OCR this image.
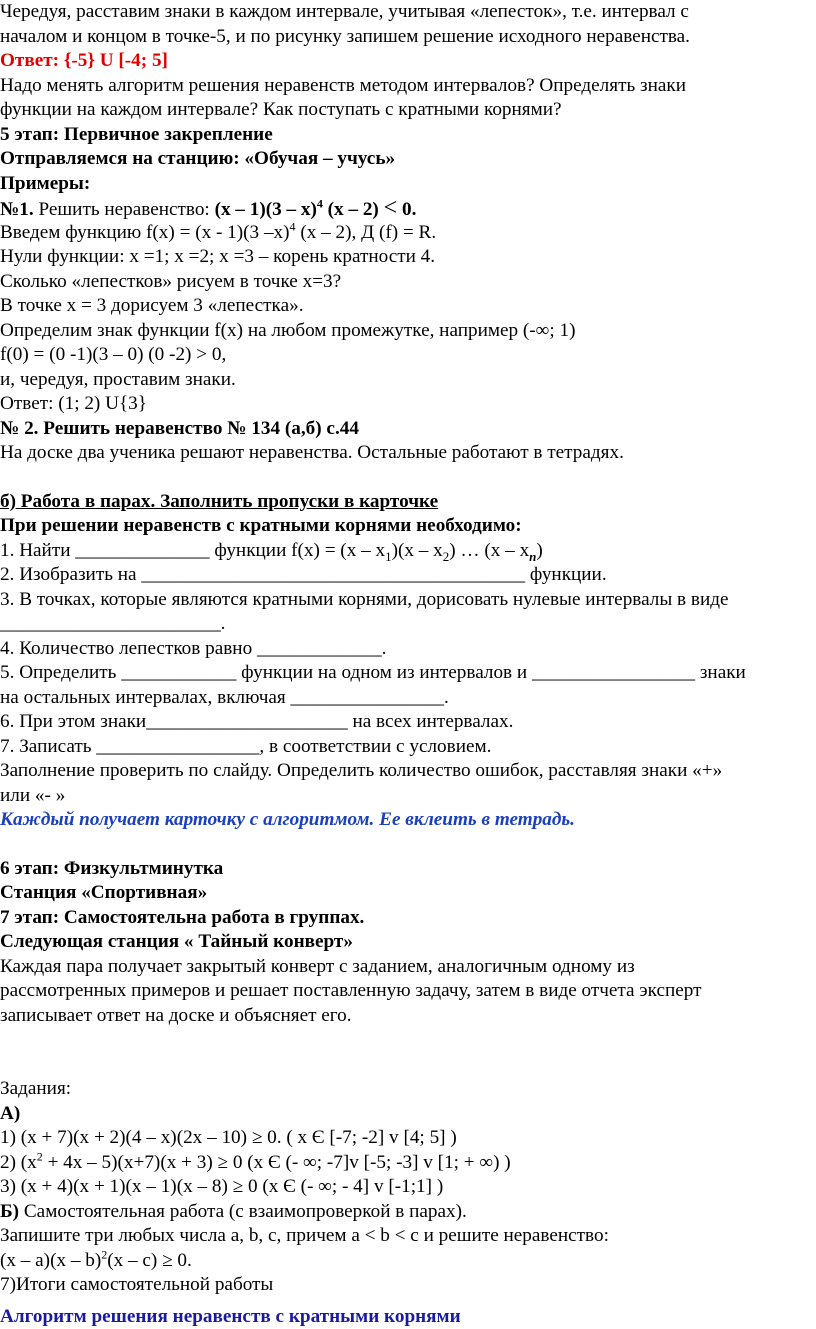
Чередуя, расставим знаки в каждом интервале, учитывая «лепесток», т.е. интервал с
началом и концом в точке-5, и по рисунку запишем решение исходного неравенства.
Ответ: {-5} U [-4; 5]
Надо менять алгоритм решения неравенств методом интервалов? Определять знаки
функции на каждом интервале? Как поступать с кратными корнями?
5 этап: Первичное закрепление
Отправляемся на станцию: «Обучая – учусь»
Примеры:
№1. Решить неравенство: (x – 1)(3 – x)$^4$ (x – 2) < 0.
Введем функцию f(x) = (x - 1)(3 –x)$^4$ (x – 2), Д (f) = R.
Нули функции: x =1; x =2; x =3 – корень кратности 4.
Сколько «лепестков» рисуем в точке x=3?
В точке x = 3 дорисуем 3 «лепестка».
Определим знак функции f(x) на любом промежутке, например (-∞; 1)
f(0) = (0 -1)(3 – 0) (0 -2) > 0,
и, чередуя, проставим знаки.
Ответ: (1; 2) U{3}
№ 2. Решить неравенство № 134 (а,б) с.44
На доске два ученика решают неравенства. Остальные работают в тетрадях.
б) Работа в парах. Заполнить пропуски в карточке
При решении неравенств с кратными корнями необходимо:
1. Найти ______________ функции $f(x) = (x - x_1)(x - x_2)$ … $(x - x_n)$
2. Изобразить на ________________________________________ функции.
3. В точках, которые являются кратными корнями, дорисовать нулевые интервалы в виде
_______________________.
4. Количество лепестков равно _____________.
5. Определить ____________ функции на одном из интервалов и _________________ знаки
на остальных интервалах, включая ________________.
6. При этом знаки_____________________ на всех интервалах.
7. Записать _________________, в соответствии с условием.
Заполнение проверить по слайду. Определить количество ошибок, расставляя знаки «+»
или «- »
Каждый получает карточку с алгоритмом. Ее вклеить в тетрадь.
6 этап: Физкультминутка
Станция «Спортивная»
7 этап: Самостоятельна работа в группах.
Следующая станция « Тайный конверт»
Каждая пара получает закрытый конверт с заданием, аналогичным одному из
рассмотренных примеров и решает поставленную задачу, затем в виде отчета эксперт
записывает ответ на доске и объясняет его.
Задания:
А)
1) (x + 7)(x + 2)(4 – x)(2x – 10) ≥ 0. ( x Є [-7; -2] v [4; 5] )
2) $(x^2 + 4x - 5)(x+7)(x + 3) \ge 0$ (x Є (- ∞; -7]v [-5; -3] v [1; + ∞) )
3) (x + 4)(x + 1)(x – 1)(x – 8) ≥ 0 (x Є (- ∞; - 4] v [-1;1] )
Б) Самостоятельная работа (с взаимопроверкой в парах).
Запишите три любых числа a, b, c, причем a < b < c и решите неравенство:
(x – a)(x – b)$^2$(x – c) ≥ 0.
7)Итоги самостоятельной работы
Алгоритм решения неравенств с кратными корнями
